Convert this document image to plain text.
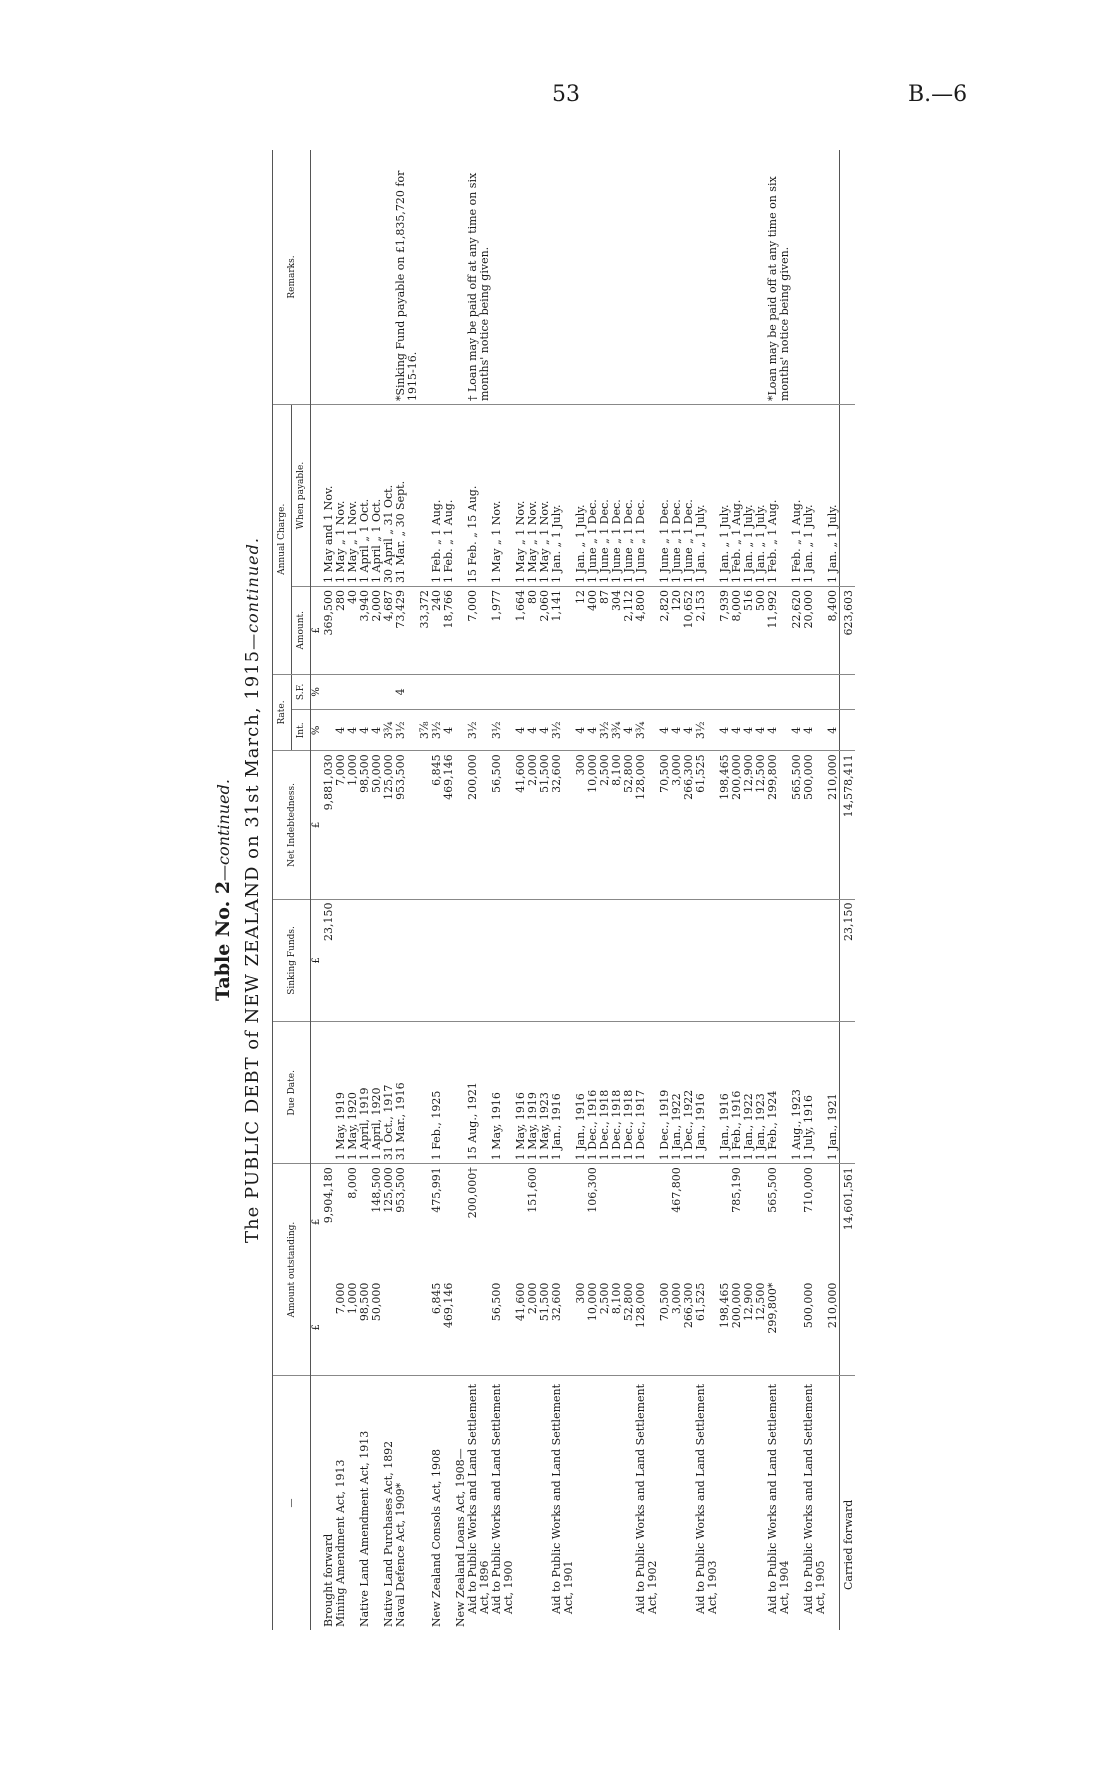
53	B.—6
Table No. 2—continued. The PUBLIC DEBT of NEW ZEALAND on 31st March, 1915—continued.
—	Amount outstanding.		Due Date.	Sinking Funds.	Net Indebtedness.	Rate.		Annual Charge.		Remarks.
						Int.	S.F.	Amount.	When payable.	
	£	£		£	£	%	%	£		
Brought forward		9,904,180		23,150	9,881,030			369,500	1 May and 1 Nov.	
Mining Amendment Act, 1913	7,000		1 May, 1919		7,000	4		280	1 May „ 1 Nov.	
	1,000	8,000	1 May, 1920		1,000	4		40	1 May „ 1 Nov.	
Native Land Amendment Act, 1913	98,500		1 April, 1919		98,500	4		3,940	1 April „ 1 Oct.	
	50,000	148,500	1 April, 1920		50,000	4		2,000	1 April „ 1 Oct.	
Native Land Purchases Act, 1892		125,000	31 Oct., 1917		125,000	3¾		4,687	30 April „ 31 Oct.	
Naval Defence Act, 1909*		953,500	31 Mar., 1916		953,500	3½	4	73,429	31 Mar. „ 30 Sept.	*Sinking Fund payable on £1,835,720 for 1915-16.
						3⅞		33,372		
New Zealand Consols Act, 1908	6,845	475,991	1 Feb., 1925		6,845	3½		240	1 Feb. „ 1 Aug.	
	469,146				469,146	4		18,766	1 Feb. „ 1 Aug.	
New Zealand Loans Act, 1908—										
Aid to Public Works and Land Settlement Act, 1896		200,000†	15 Aug., 1921		200,000	3½		7,000	15 Feb. „ 15 Aug.	† Loan may be paid off at any time on six months' notice being given.
Aid to Public Works and Land Settlement Act, 1900	56,500		1 May, 1916		56,500	3½		1,977	1 May „ 1 Nov.	
	41,600		1 May, 1916		41,600	4		1,664	1 May „ 1 Nov.	
	2,000	151,600	1 May, 1919		2,000	4		80	1 May „ 1 Nov.	
	51,500		1 May, 1923		51,500	4		2,060	1 May „ 1 Nov.	
Aid to Public Works and Land Settlement Act, 1901	32,600		1 Jan., 1916		32,600	3½		1,141	1 Jan. „ 1 July.	
	300		1 Jan., 1916		300	4		12	1 Jan. „ 1 July.	
	10,000	106,300	1 Dec., 1916		10,000	4		400	1 June „ 1 Dec.	
	2,500		1 Dec., 1918		2,500	3½		87	1 June „ 1 Dec.	
	8,100		1 Dec., 1918		8,100	3¾		304	1 June „ 1 Dec.	
	52,800		1 Dec., 1918		52,800	4		2,112	1 June „ 1 Dec.	
Aid to Public Works and Land Settlement Act, 1902	128,000		1 Dec., 1917		128,000	3¾		4,800	1 June „ 1 Dec.	
	70,500		1 Dec., 1919		70,500	4		2,820	1 June „ 1 Dec.	
	3,000	467,800	1 Jan., 1922		3,000	4		120	1 June „ 1 Dec.	
	266,300		1 Dec., 1922		266,300	4		10,652	1 June „ 1 Dec.	
Aid to Public Works and Land Settlement Act, 1903	61,525		1 Jan., 1916		61,525	3½		2,153	1 Jan. „ 1 July.	
	198,465		1 Jan., 1916		198,465	4		7,939	1 Jan. „ 1 July.	
	200,000	785,190	1 Feb., 1916		200,000	4		8,000	1 Feb. „ 1 Aug.	
	12,900		1 Jan., 1922		12,900	4		516	1 Jan. „ 1 July.	
	12,500		1 Jan., 1923		12,500	4		500	1 Jan. „ 1 July.	
Aid to Public Works and Land Settlement Act, 1904	299,800*	565,500	1 Feb., 1924		299,800	4		11,992	1 Feb. „ 1 Aug.	*Loan may be paid off at any time on six months' notice being given.
			1 Aug., 1923		565,500	4		22,620	1 Feb. „ 1 Aug.	
Aid to Public Works and Land Settlement Act, 1905	500,000	710,000	1 July, 1916		500,000	4		20,000	1 Jan. „ 1 July.	
	210,000		1 Jan., 1921		210,000	4		8,400	1 Jan. „ 1 July.	
Carried forward		14,601,561		23,150	14,578,411			623,603		
